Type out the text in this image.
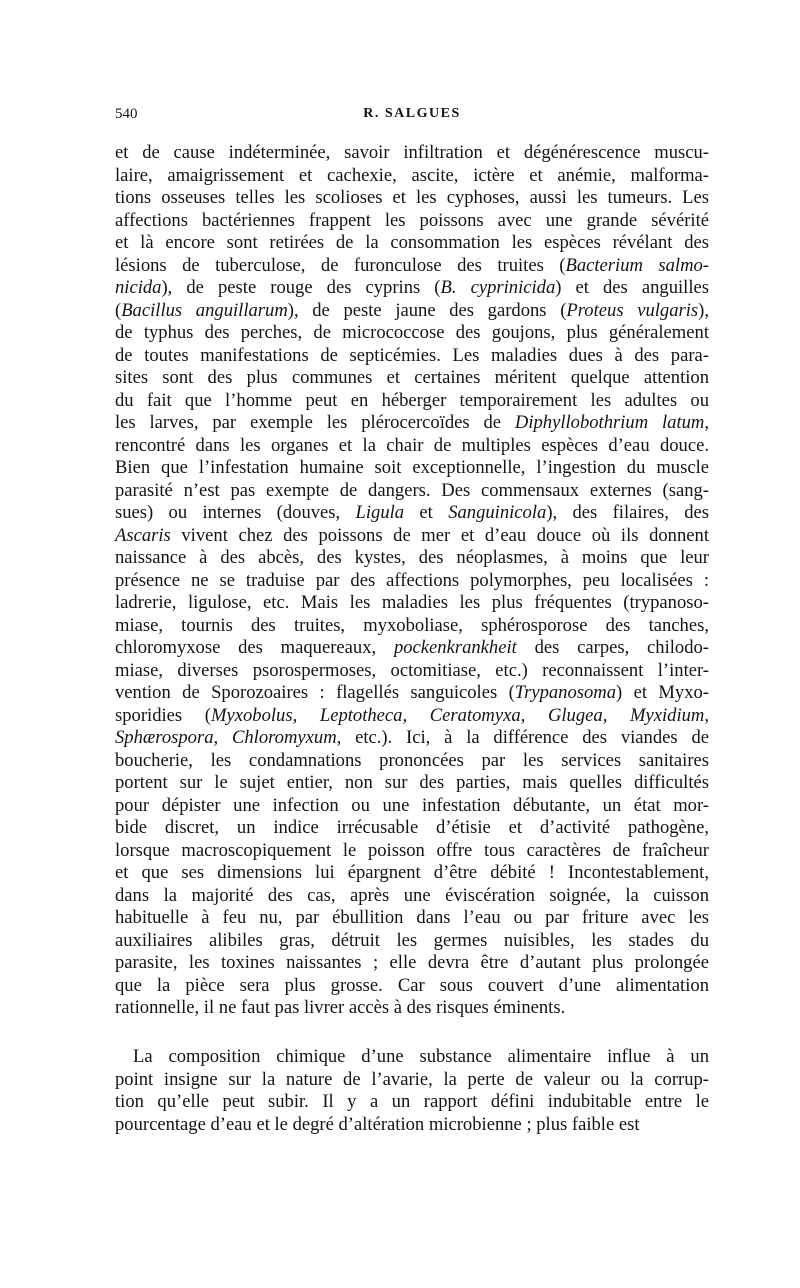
540	R. SALGUES
et de cause indéterminée, savoir infiltration et dégénérescence muscu-
laire, amaigrissement et cachexie, ascite, ictère et anémie, malforma-
tions osseuses telles les scolioses et les cyphoses, aussi les tumeurs. Les
affections bactériennes frappent les poissons avec une grande sévérité
et là encore sont retirées de la consommation les espèces révélant des
lésions de tuberculose, de furonculose des truites (Bacterium salmo-
nicida), de peste rouge des cyprins (B. cyprinicida) et des anguilles
(Bacillus anguillarum), de peste jaune des gardons (Proteus vulgaris),
de typhus des perches, de micrococcose des goujons, plus généralement
de toutes manifestations de septicémies. Les maladies dues à des para-
sites sont des plus communes et certaines méritent quelque attention
du fait que l’homme peut en héberger temporairement les adultes ou
les larves, par exemple les plérocercoïdes de Diphyllobothrium latum,
rencontré dans les organes et la chair de multiples espèces d’eau douce.
Bien que l’infestation humaine soit exceptionnelle, l’ingestion du muscle
parasité n’est pas exempte de dangers. Des commensaux externes (sang-
sues) ou internes (douves, Ligula et Sanguinicola), des filaires, des
Ascaris vivent chez des poissons de mer et d’eau douce où ils donnent
naissance à des abcès, des kystes, des néoplasmes, à moins que leur
présence ne se traduise par des affections polymorphes, peu localisées :
ladrerie, ligulose, etc. Mais les maladies les plus fréquentes (trypanoso-
miase, tournis des truites, myxoboliase, sphérosporose des tanches,
chloromyxose des maquereaux, pockenkrankheit des carpes, chilodo-
miase, diverses psorospermoses, octomitiase, etc.) reconnaissent l’inter-
vention de Sporozoaires : flagellés sanguicoles (Trypanosoma) et Myxo-
sporidies (Myxobolus, Leptotheca, Ceratomyxa, Glugea, Myxidium,
Sphærospora, Chloromyxum, etc.). Ici, à la différence des viandes de
boucherie, les condamnations prononcées par les services sanitaires
portent sur le sujet entier, non sur des parties, mais quelles difficultés
pour dépister une infection ou une infestation débutante, un état mor-
bide discret, un indice irrécusable d’étisie et d’activité pathogène,
lorsque macroscopiquement le poisson offre tous caractères de fraîcheur
et que ses dimensions lui épargnent d’être débité ! Incontestablement,
dans la majorité des cas, après une éviscération soignée, la cuisson
habituelle à feu nu, par ébullition dans l’eau ou par friture avec les
auxiliaires alibiles gras, détruit les germes nuisibles, les stades du
parasite, les toxines naissantes ; elle devra être d’autant plus prolongée
que la pièce sera plus grosse. Car sous couvert d’une alimentation
rationnelle, il ne faut pas livrer accès à des risques éminents.
La composition chimique d’une substance alimentaire influe à un
point insigne sur la nature de l’avarie, la perte de valeur ou la corrup-
tion qu’elle peut subir. Il y a un rapport défini indubitable entre le
pourcentage d’eau et le degré d’altération microbienne ; plus faible est
